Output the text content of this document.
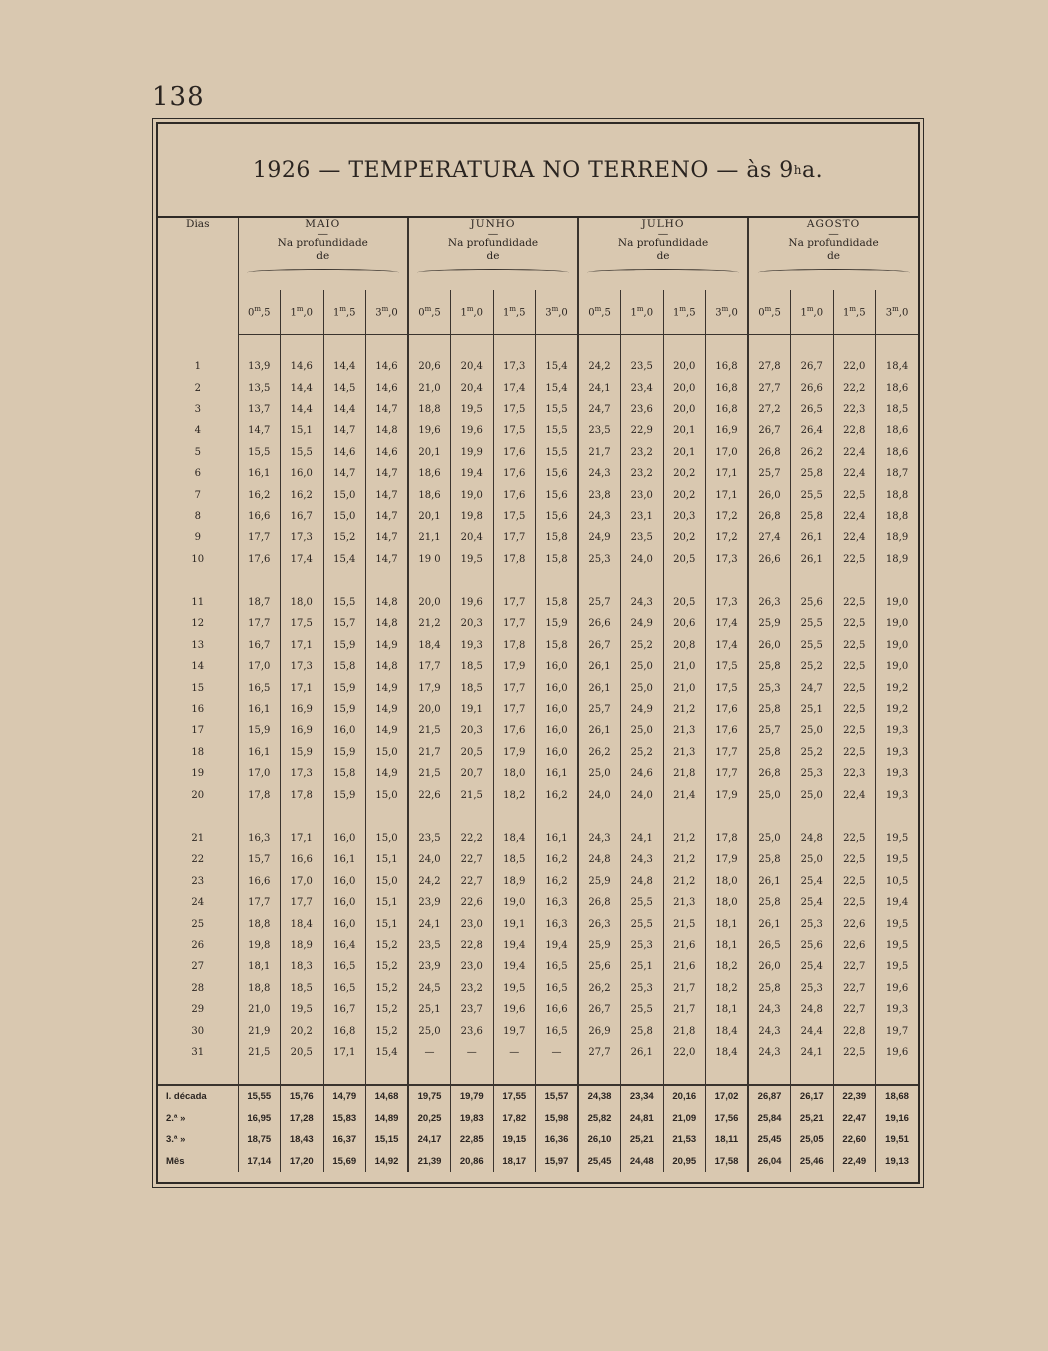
138
1926 — TEMPERATURA NO TERRENO — às 9 h a.
Dias	MAIO
—
Na profundidade
de				JUNHO
—
Na profundidade
de				JULHO
—
Na profundidade
de				AGOSTO
—
Na profundidade
de			

	0$^m$,5	1$^m$,0	1$^m$,5	3$^m$,0	0$^m$,5	1$^m$,0	1$^m$,5	3$^m$,0	0$^m$,5	1$^m$,0	1$^m$,5	3$^m$,0	0$^m$,5	1$^m$,0	1$^m$,5	3$^m$,0

1	13,9	14,6	14,4	14,6	20,6	20,4	17,3	15,4	24,2	23,5	20,0	16,8	27,8	26,7	22,0	18,4
2	13,5	14,4	14,5	14,6	21,0	20,4	17,4	15,4	24,1	23,4	20,0	16,8	27,7	26,6	22,2	18,6
3	13,7	14,4	14,4	14,7	18,8	19,5	17,5	15,5	24,7	23,6	20,0	16,8	27,2	26,5	22,3	18,5
4	14,7	15,1	14,7	14,8	19,6	19,6	17,5	15,5	23,5	22,9	20,1	16,9	26,7	26,4	22,8	18,6
5	15,5	15,5	14,6	14,6	20,1	19,9	17,6	15,5	21,7	23,2	20,1	17,0	26,8	26,2	22,4	18,6
6	16,1	16,0	14,7	14,7	18,6	19,4	17,6	15,6	24,3	23,2	20,2	17,1	25,7	25,8	22,4	18,7
7	16,2	16,2	15,0	14,7	18,6	19,0	17,6	15,6	23,8	23,0	20,2	17,1	26,0	25,5	22,5	18,8
8	16,6	16,7	15,0	14,7	20,1	19,8	17,5	15,6	24,3	23,1	20,3	17,2	26,8	25,8	22,4	18,8
9	17,7	17,3	15,2	14,7	21,1	20,4	17,7	15,8	24,9	23,5	20,2	17,2	27,4	26,1	22,4	18,9
10	17,6	17,4	15,4	14,7	19 0	19,5	17,8	15,8	25,3	24,0	20,5	17,3	26,6	26,1	22,5	18,9

11	18,7	18,0	15,5	14,8	20,0	19,6	17,7	15,8	25,7	24,3	20,5	17,3	26,3	25,6	22,5	19,0
12	17,7	17,5	15,7	14,8	21,2	20,3	17,7	15,9	26,6	24,9	20,6	17,4	25,9	25,5	22,5	19,0
13	16,7	17,1	15,9	14,9	18,4	19,3	17,8	15,8	26,7	25,2	20,8	17,4	26,0	25,5	22,5	19,0
14	17,0	17,3	15,8	14,8	17,7	18,5	17,9	16,0	26,1	25,0	21,0	17,5	25,8	25,2	22,5	19,0
15	16,5	17,1	15,9	14,9	17,9	18,5	17,7	16,0	26,1	25,0	21,0	17,5	25,3	24,7	22,5	19,2
16	16,1	16,9	15,9	14,9	20,0	19,1	17,7	16,0	25,7	24,9	21,2	17,6	25,8	25,1	22,5	19,2
17	15,9	16,9	16,0	14,9	21,5	20,3	17,6	16,0	26,1	25,0	21,3	17,6	25,7	25,0	22,5	19,3
18	16,1	15,9	15,9	15,0	21,7	20,5	17,9	16,0	26,2	25,2	21,3	17,7	25,8	25,2	22,5	19,3
19	17,0	17,3	15,8	14,9	21,5	20,7	18,0	16,1	25,0	24,6	21,8	17,7	26,8	25,3	22,3	19,3
20	17,8	17,8	15,9	15,0	22,6	21,5	18,2	16,2	24,0	24,0	21,4	17,9	25,0	25,0	22,4	19,3

21	16,3	17,1	16,0	15,0	23,5	22,2	18,4	16,1	24,3	24,1	21,2	17,8	25,0	24,8	22,5	19,5
22	15,7	16,6	16,1	15,1	24,0	22,7	18,5	16,2	24,8	24,3	21,2	17,9	25,8	25,0	22,5	19,5
23	16,6	17,0	16,0	15,0	24,2	22,7	18,9	16,2	25,9	24,8	21,2	18,0	26,1	25,4	22,5	10,5
24	17,7	17,7	16,0	15,1	23,9	22,6	19,0	16,3	26,8	25,5	21,3	18,0	25,8	25,4	22,5	19,4
25	18,8	18,4	16,0	15,1	24,1	23,0	19,1	16,3	26,3	25,5	21,5	18,1	26,1	25,3	22,6	19,5
26	19,8	18,9	16,4	15,2	23,5	22,8	19,4	19,4	25,9	25,3	21,6	18,1	26,5	25,6	22,6	19,5
27	18,1	18,3	16,5	15,2	23,9	23,0	19,4	16,5	25,6	25,1	21,6	18,2	26,0	25,4	22,7	19,5
28	18,8	18,5	16,5	15,2	24,5	23,2	19,5	16,5	26,2	25,3	21,7	18,2	25,8	25,3	22,7	19,6
29	21,0	19,5	16,7	15,2	25,1	23,7	19,6	16,6	26,7	25,5	21,7	18,1	24,3	24,8	22,7	19,3
30	21,9	20,2	16,8	15,2	25,0	23,6	19,7	16,5	26,9	25,8	21,8	18,4	24,3	24,4	22,8	19,7
31	21,5	20,5	17,1	15,4	—	—	—	—	27,7	26,1	22,0	18,4	24,3	24,1	22,5	19,6

I. década	15,55	15,76	14,79	14,68	19,75	19,79	17,55	15,57	24,38	23,34	20,16	17,02	26,87	26,17	22,39	18,68
2.ª »	16,95	17,28	15,83	14,89	20,25	19,83	17,82	15,98	25,82	24,81	21,09	17,56	25,84	25,21	22,47	19,16
3.ª »	18,75	18,43	16,37	15,15	24,17	22,85	19,15	16,36	26,10	25,21	21,53	18,11	25,45	25,05	22,60	19,51
Mês	17,14	17,20	15,69	14,92	21,39	20,86	18,17	15,97	25,45	24,48	20,95	17,58	26,04	25,46	22,49	19,13
